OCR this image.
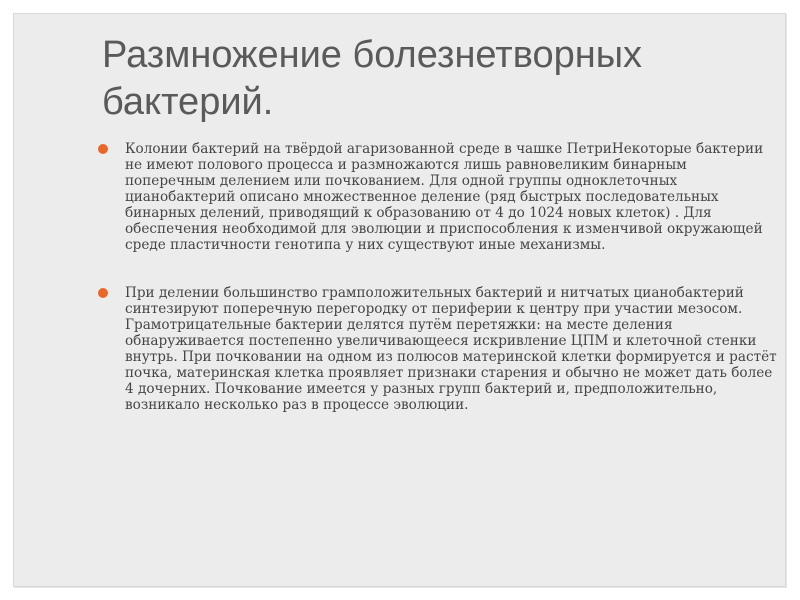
Размножение болезнетворных бактерий.
Колонии бактерий на твёрдой агаризованной среде в чашке ПетриНекоторые бактерии не имеют полового процесса и размножаются лишь равновеликим бинарным поперечным делением или почкованием. Для одной группы одноклеточных цианобактерий описано множественное деление (ряд быстрых последовательных бинарных делений, приводящий к образованию от 4 до 1024 новых клеток) . Для обеспечения необходимой для эволюции и приспособления к изменчивой окружающей среде пластичности генотипа у них существуют иные механизмы.
При делении большинство грамположительных бактерий и нитчатых цианобактерий синтезируют поперечную перегородку от периферии к центру при участии мезосом. Грамотрицательные бактерии делятся путём перетяжки: на месте деления обнаруживается постепенно увеличивающееся искривление ЦПМ и клеточной стенки внутрь. При почковании на одном из полюсов материнской клетки формируется и растёт почка, материнская клетка проявляет признаки старения и обычно не может дать более 4 дочерних. Почкование имеется у разных групп бактерий и, предположительно, возникало несколько раз в процессе эволюции.
